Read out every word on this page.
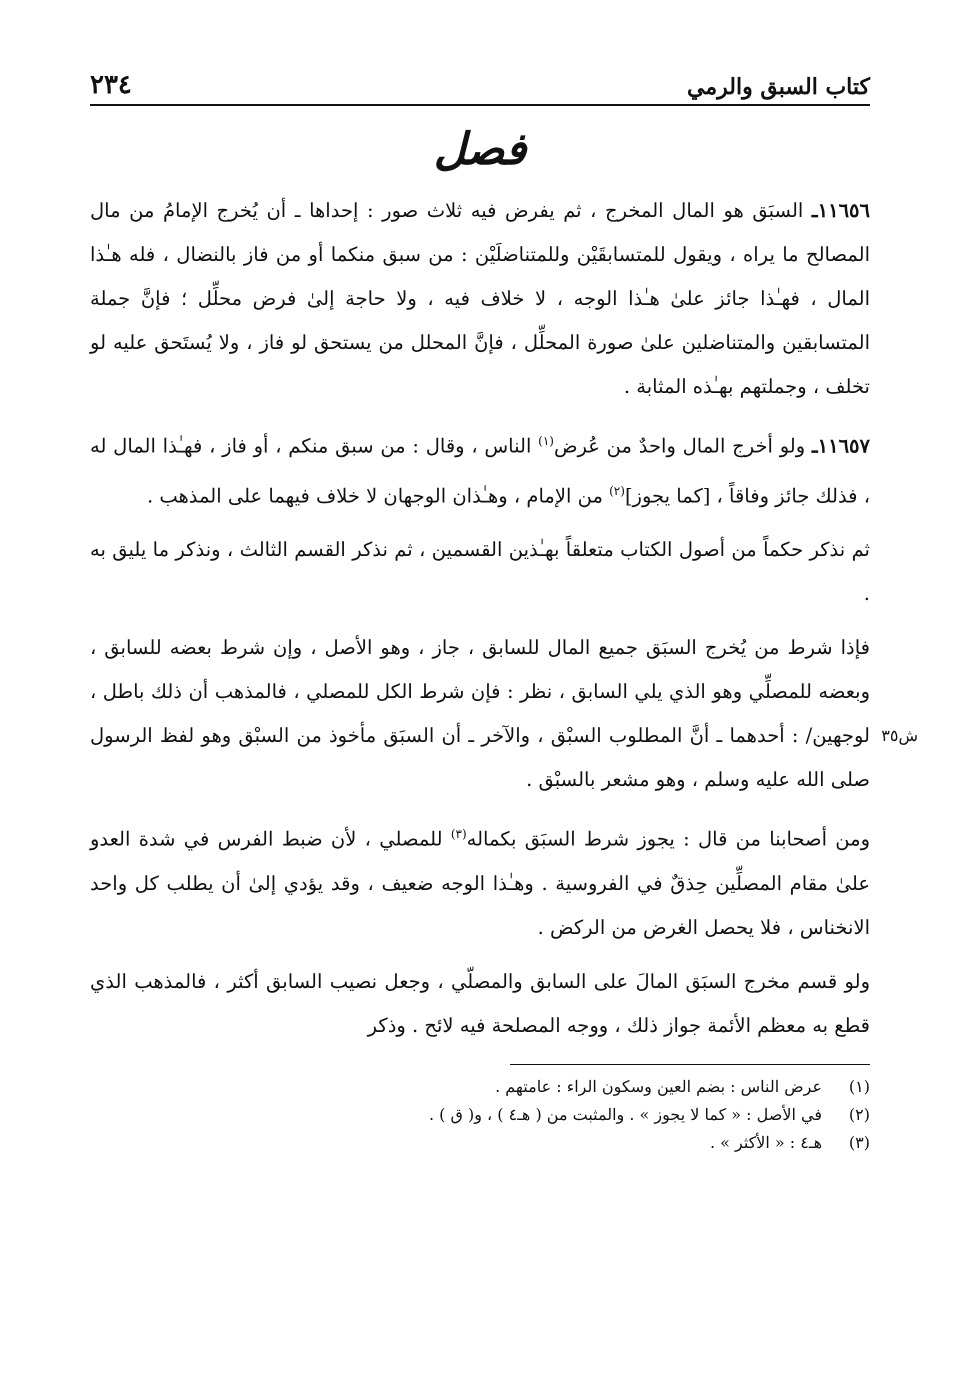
كتاب السبق والرمي
٢٣٤
فصل

١١٦٥٦ـ السبَق هو المال المخرج ، ثم يفرض فيه ثلاث صور : إحداها ـ أن يُخرج الإمامُ من مال المصالح ما يراه ، ويقول للمتسابقَيْن وللمتناضلَيْن : من سبق منكما أو من فاز بالنضال ، فله هـٰذا المال ، فهـٰذا جائز علىٰ هـٰذا الوجه ، لا خلاف فيه ، ولا حاجة إلىٰ فرض محلِّل ؛ فإنَّ جملة المتسابقين والمتناضلين علىٰ صورة المحلِّل ، فإنَّ المحلل من يستحق لو فاز ، ولا يُستَحق عليه لو تخلف ، وجملتهم بهـٰذه المثابة .

١١٦٥٧ـ ولو أخرج المال واحدٌ من عُرض$^{(١)}$ الناس ، وقال : من سبق منكم ، أو فاز ، فهـٰذا المال له ، فذلك جائز وفاقاً ، [كما يجوز]$^{(٢)}$ من الإمام ، وهـٰذان الوجهان لا خلاف فيهما على المذهب .

ثم نذكر حكماً من أصول الكتاب متعلقاً بهـٰذين القسمين ، ثم نذكر القسم الثالث ، ونذكر ما يليق به .

ش٣٥
فإذا شرط من يُخرج السبَق جميع المال للسابق ، جاز ، وهو الأصل ، وإن شرط بعضه للسابق ، وبعضه للمصلِّي وهو الذي يلي السابق ، نظر : فإن شرط الكل للمصلي ، فالمذهب أن ذلك باطل ، لوجهين/ : أحدهما ـ أنَّ المطلوب السبْق ، والآخر ـ أن السبَق مأخوذ من السبْق وهو لفظ الرسول صلى الله عليه وسلم ، وهو مشعر بالسبْق .

ومن أصحابنا من قال : يجوز شرط السبَق بكماله$^{(٣)}$ للمصلي ، لأن ضبط الفرس في شدة العدو علىٰ مقام المصلِّين حِذقٌ في الفروسية . وهـٰذا الوجه ضعيف ، وقد يؤدي إلىٰ أن يطلب كل واحد الانخناس ، فلا يحصل الغرض من الركض .

ولو قسم مخرج السبَق المالَ على السابق والمصلّي ، وجعل نصيب السابق أكثر ، فالمذهب الذي قطع به معظم الأئمة جواز ذلك ، ووجه المصلحة فيه لائح . وذكر

(١)
عرض الناس : بضم العين وسكون الراء : عامتهم .
(٢)
في الأصل : « كما لا يجوز » . والمثبت من ( هـ٤ ) ، و( ق ) .
(٣)
هـ٤ : « الأكثر » .
